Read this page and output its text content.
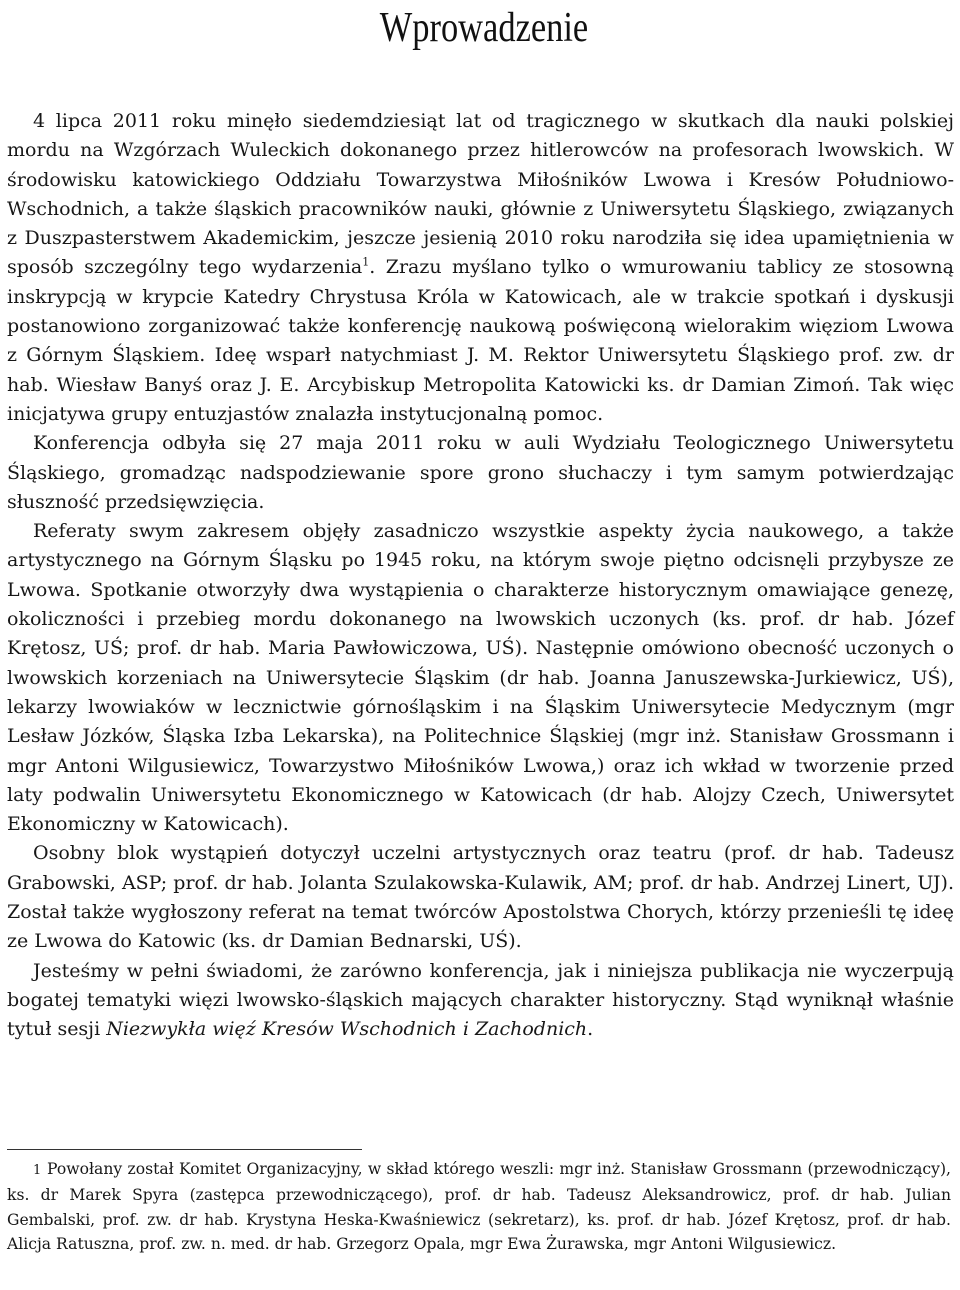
Wprowadzenie

4 lipca 2011 roku minęło siedemdziesiąt lat od tragicznego w skutkach dla nauki polskiej mordu na Wzgórzach Wuleckich dokonanego przez hitlerowców na profesorach lwowskich. W środowisku katowickiego Oddziału Towarzystwa Miłośników Lwowa i Kresów Południowo-Wschodnich, a także śląskich pracowników nauki, głównie z Uniwersytetu Śląskiego, związanych z Duszpasterstwem Akademickim, jeszcze jesienią 2010 roku narodziła się idea upamiętnienia w sposób szczególny tego wydarzenia$^1$. Zrazu myślano tylko o wmurowaniu tablicy ze stosowną inskrypcją w krypcie Katedry Chrystusa Króla w Katowicach, ale w trakcie spotkań i dyskusji postanowiono zorganizować także konferencję naukową poświęconą wielorakim więziom Lwowa z Górnym Śląskiem. Ideę wsparł natychmiast J. M. Rektor Uniwersytetu Śląskiego prof. zw. dr hab. Wiesław Banyś oraz J. E. Arcybiskup Metropolita Katowicki ks. dr Damian Zimoń. Tak więc inicjatywa grupy entuzjastów znalazła instytucjonalną pomoc.

Konferencja odbyła się 27 maja 2011 roku w auli Wydziału Teologicznego Uniwersytetu Śląskiego, gromadząc nadspodziewanie spore grono słuchaczy i tym samym potwierdzając słuszność przedsięwzięcia.

Referaty swym zakresem objęły zasadniczo wszystkie aspekty życia naukowego, a także artystycznego na Górnym Śląsku po 1945 roku, na którym swoje piętno odcisnęli przybysze ze Lwowa. Spotkanie otworzyły dwa wystąpienia o charakterze historycznym omawiające genezę, okoliczności i przebieg mordu dokonanego na lwowskich uczonych (ks. prof. dr hab. Józef Krętosz, UŚ; prof. dr hab. Maria Pawłowiczowa, UŚ). Następnie omówiono obecność uczonych o lwowskich korzeniach na Uniwersytecie Śląskim (dr hab. Joanna Januszewska-Jurkiewicz, UŚ), lekarzy lwowiaków w lecznictwie górnośląskim i na Śląskim Uniwersytecie Medycznym (mgr Lesław Józków, Śląska Izba Lekarska), na Politechnice Śląskiej (mgr inż. Stanisław Grossmann i mgr Antoni Wilgusiewicz, Towarzystwo Miłośników Lwowa,) oraz ich wkład w tworzenie przed laty podwalin Uniwersytetu Ekonomicznego w Katowicach (dr hab. Alojzy Czech, Uniwersytet Ekonomiczny w Katowicach).

Osobny blok wystąpień dotyczył uczelni artystycznych oraz teatru (prof. dr hab. Tadeusz Grabowski, ASP; prof. dr hab. Jolanta Szulakowska-Kulawik, AM; prof. dr hab. Andrzej Linert, UJ). Został także wygłoszony referat na temat twórców Apostolstwa Chorych, którzy przenieśli tę ideę ze Lwowa do Katowic (ks. dr Damian Bednarski, UŚ).

Jesteśmy w pełni świadomi, że zarówno konferencja, jak i niniejsza publikacja nie wyczerpują bogatej tematyki więzi lwowsko-śląskich mających charakter historyczny. Stąd wyniknął właśnie tytuł sesji Niezwykła więź Kresów Wschodnich i Zachodnich.

1 Powołany został Komitet Organizacyjny, w skład którego weszli: mgr inż. Stanisław Grossmann (przewodniczący), ks. dr Marek Spyra (zastępca przewodniczącego), prof. dr hab. Tadeusz Aleksandrowicz, prof. dr hab. Julian Gembalski, prof. zw. dr hab. Krystyna Heska-Kwaśniewicz (sekretarz), ks. prof. dr hab. Józef Krętosz, prof. dr hab. Alicja Ratuszna, prof. zw. n. med. dr hab. Grzegorz Opala, mgr Ewa Żurawska, mgr Antoni Wilgusiewicz.
